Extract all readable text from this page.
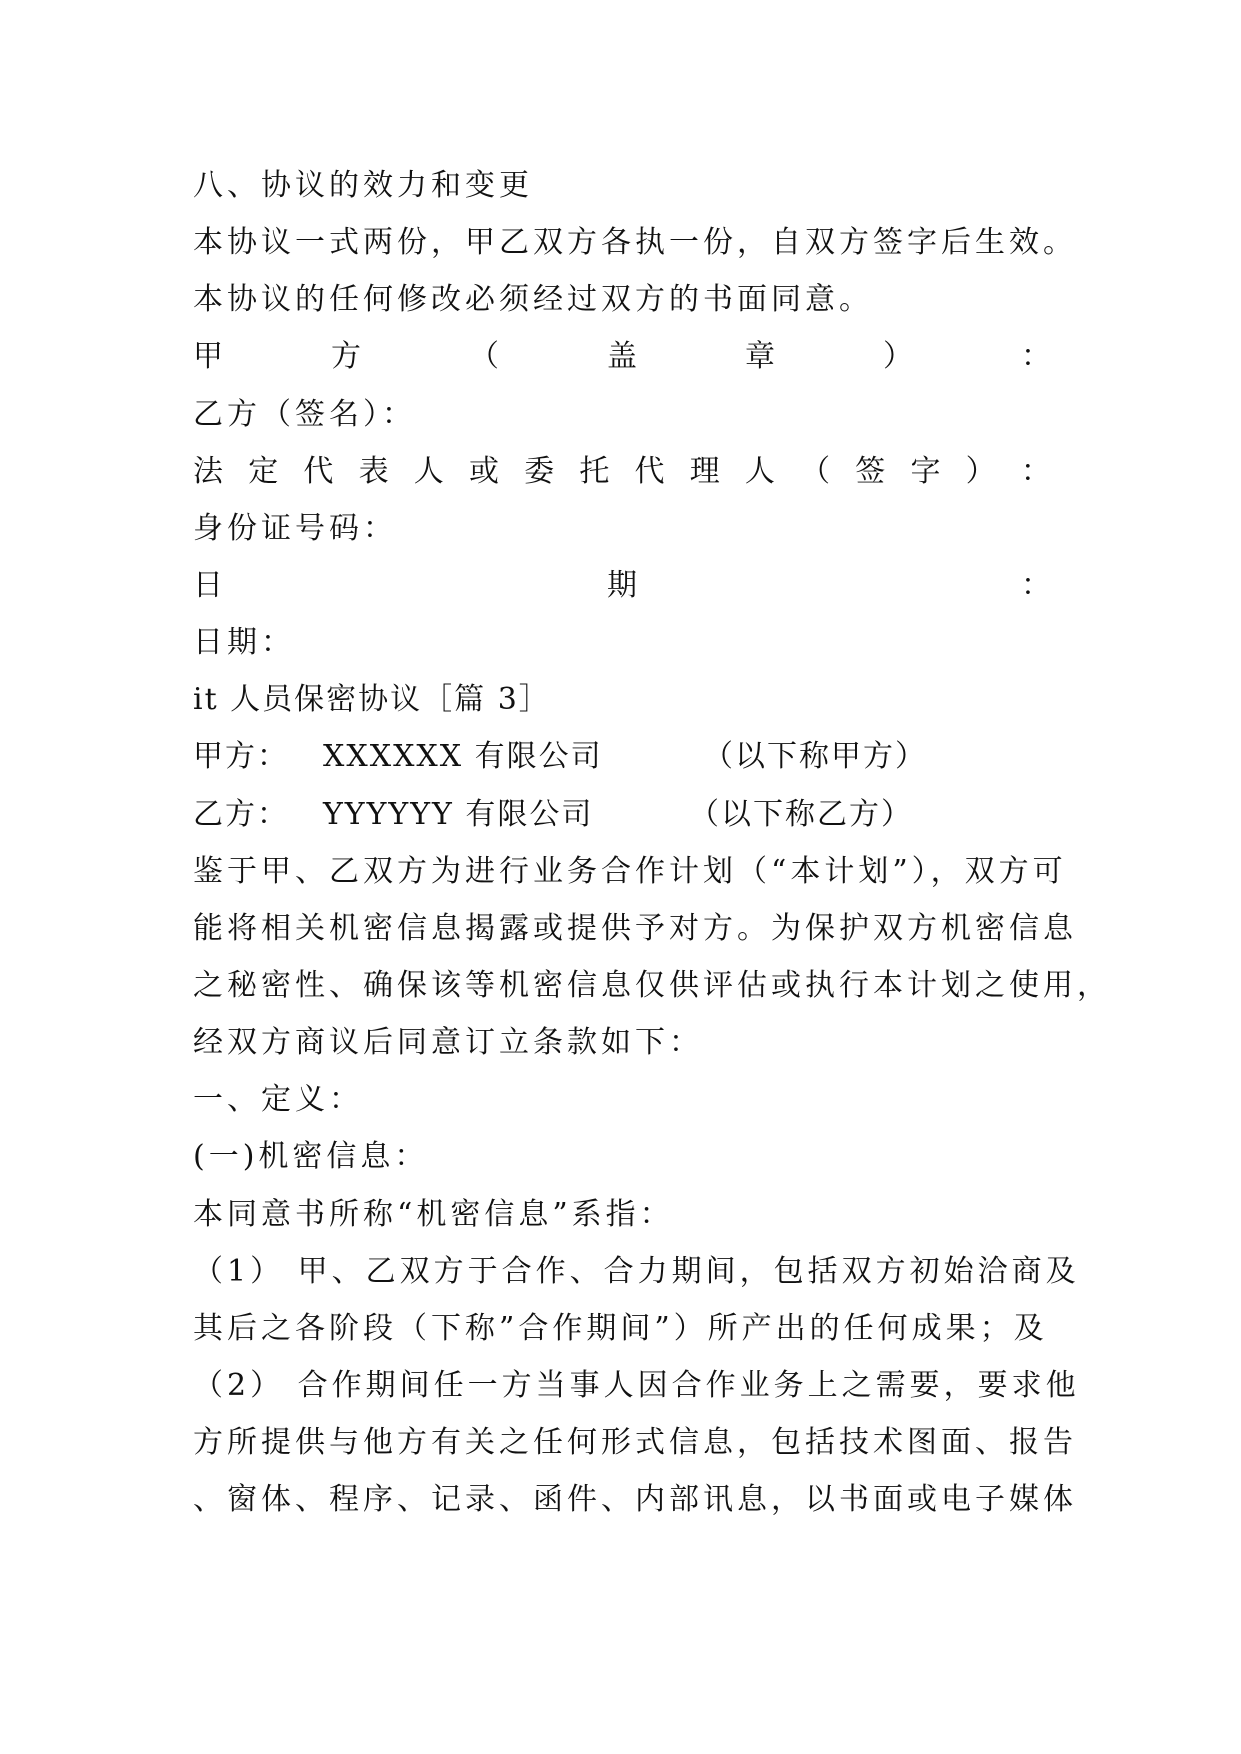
八、协议的效力和变更

本协议一式两份，甲乙双方各执一份，自双方签字后生效。

本协议的任何修改必须经过双方的书面同意。

甲	方	（	盖	章	）	：

乙方（签名）：

法 定 代 表 人 或 委 托 代 理 人 （ 签 字 ） ：

身份证号码：

日	期	：

日期：

it 人员保密协议［篇 3］

甲方：	XXXXXX 有限公司	（以下称甲方）

乙方：	YYYYYY 有限公司	（以下称乙方）

鉴于甲、乙双方为进行业务合作计划（“本计划”），双方可

能将相关机密信息揭露或提供予对方。为保护双方机密信息

之秘密性、确保该等机密信息仅供评估或执行本计划之使用，

经双方商议后同意订立条款如下：

一、定义：

(一)机密信息：

本同意书所称“机密信息”系指：

（1） 甲、乙双方于合作、合力期间，包括双方初始洽商及

其后之各阶段（下称”合作期间”）所产出的任何成果；及

（2） 合作期间任一方当事人因合作业务上之需要，要求他

方所提供与他方有关之任何形式信息，包括技术图面、报告

、窗体、程序、记录、函件、内部讯息，以书面或电子媒体
